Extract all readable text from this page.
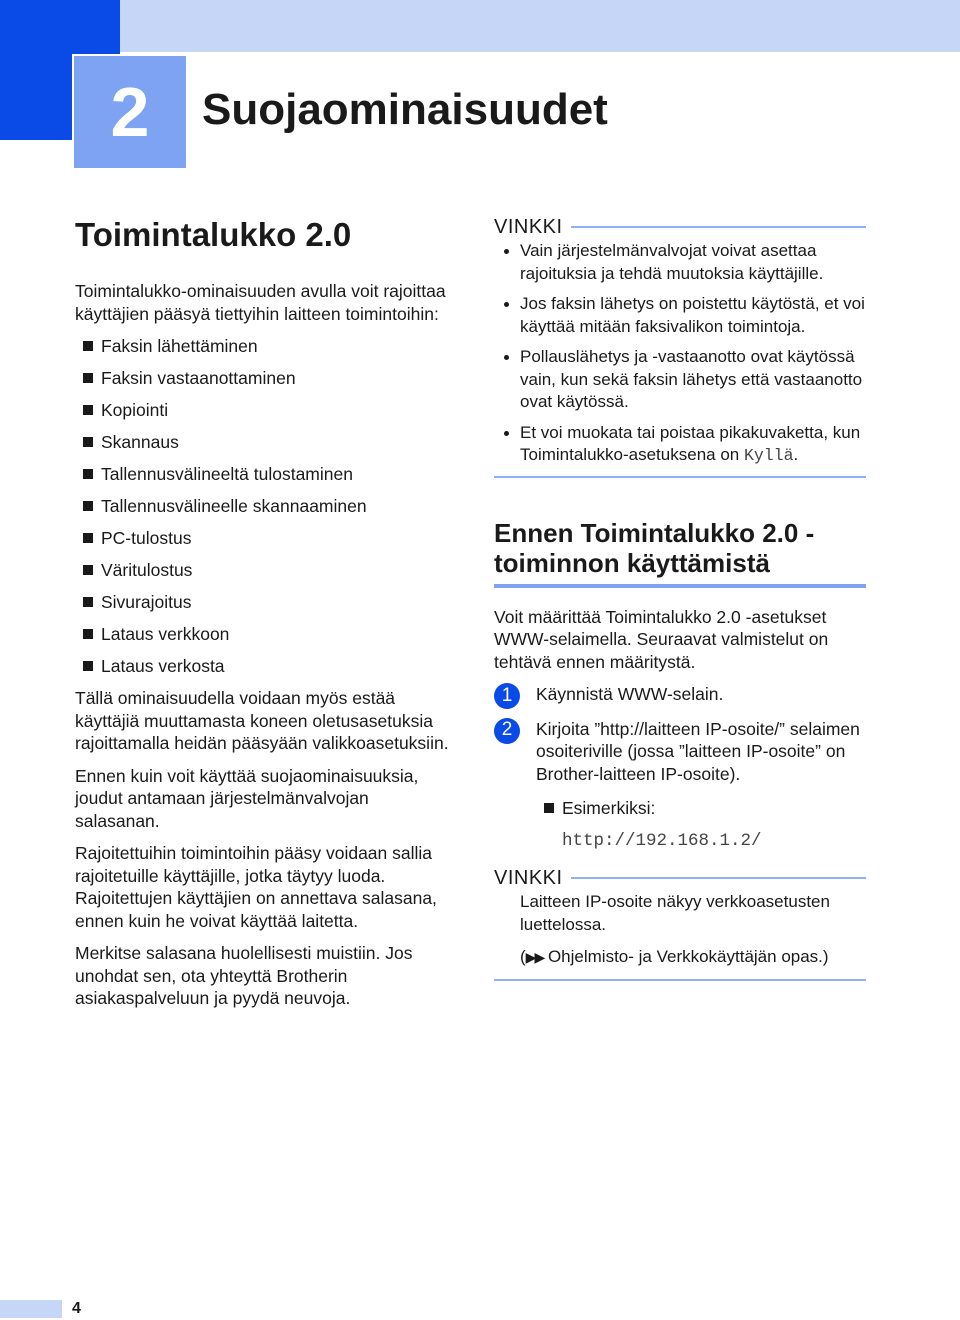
2	Suojaominaisuudet
Toimintalukko 2.0

Toimintalukko-ominaisuuden avulla voit rajoittaa käyttäjien pääsyä tiettyihin laitteen toimintoihin:

Faksin lähettäminen
Faksin vastaanottaminen
Kopiointi
Skannaus
Tallennusvälineeltä tulostaminen
Tallennusvälineelle skannaaminen
PC-tulostus
Väritulostus
Sivurajoitus
Lataus verkkoon
Lataus verkosta

Tällä ominaisuudella voidaan myös estää käyttäjiä muuttamasta koneen oletusasetuksia rajoittamalla heidän pääsyään valikkoasetuksiin.

Ennen kuin voit käyttää suojaominaisuuksia, joudut antamaan järjestelmänvalvojan salasanan.

Rajoitettuihin toimintoihin pääsy voidaan sallia rajoitetuille käyttäjille, jotka täytyy luoda. Rajoitettujen käyttäjien on annettava salasana, ennen kuin he voivat käyttää laitetta.

Merkitse salasana huolellisesti muistiin. Jos unohdat sen, ota yhteyttä Brotherin asiakaspalveluun ja pyydä neuvoja.

VINKKI
Vain järjestelmänvalvojat voivat asettaa rajoituksia ja tehdä muutoksia käyttäjille.
Jos faksin lähetys on poistettu käytöstä, et voi käyttää mitään faksivalikon toimintoja.
Pollauslähetys ja -vastaanotto ovat käytössä vain, kun sekä faksin lähetys että vastaanotto ovat käytössä.
Et voi muokata tai poistaa pikakuvaketta, kun Toimintalukko-asetuksena on Kyllä.
Ennen Toimintalukko 2.0 -
toiminnon käyttämistä

Voit määrittää Toimintalukko 2.0 -asetukset WWW-selaimella. Seuraavat valmistelut on tehtävä ennen määritystä.

1	Käynnistä WWW-selain.
2	Kirjoita ”http://laitteen IP-osoite/” selaimen osoiteriville (jossa ”laitteen IP-osoite” on Brother-laitteen IP-osoite).
Esimerkiksi:
http://192.168.1.2/
VINKKI

Laitteen IP-osoite näkyy verkkoasetusten luettelossa.

(▶▶ Ohjelmisto- ja Verkkokäyttäjän opas.)

4
